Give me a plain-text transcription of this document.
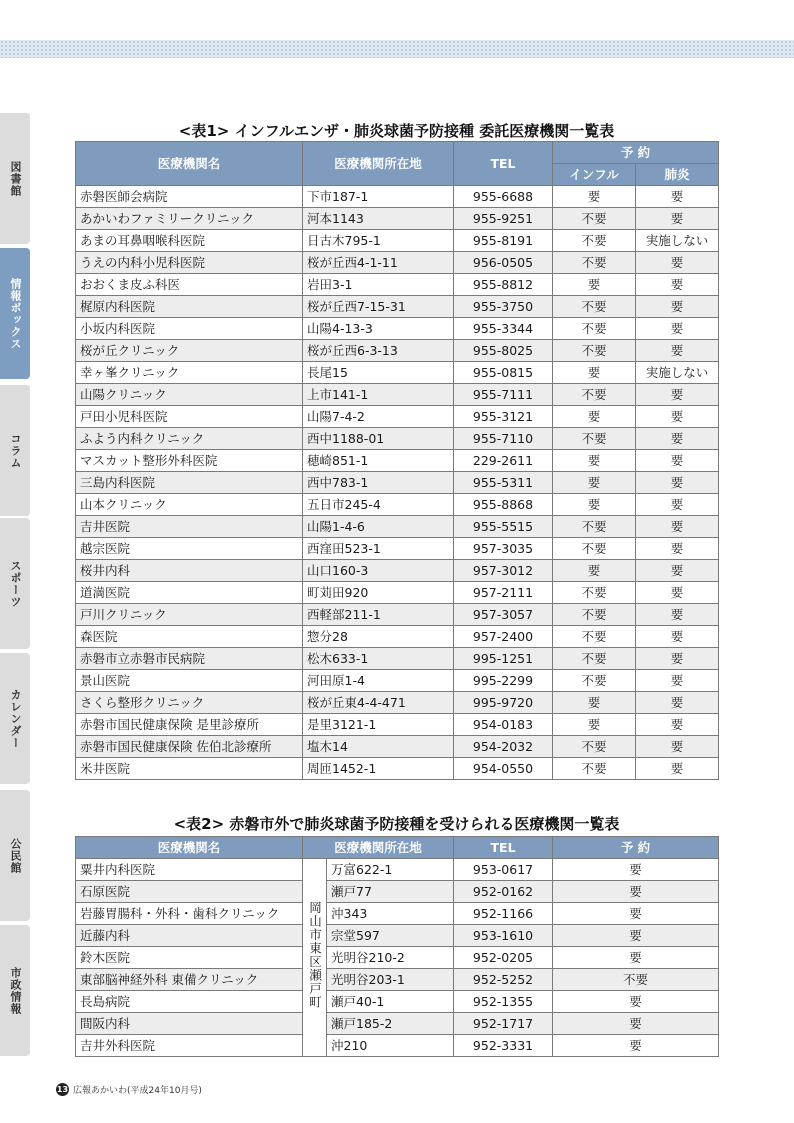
図書館
情報ボックス
コラム
スポーツ
カレンダー
公民館
市政情報
<表1> インフルエンザ・肺炎球菌予防接種 委託医療機関一覧表
医療機関名	医療機関所在地	TEL	予 約	
			インフル	肺炎
赤磐医師会病院	下市187-1	955-6688	要	要
あかいわファミリークリニック	河本1143	955-9251	不要	要
あまの耳鼻咽喉科医院	日古木795-1	955-8191	不要	実施しない
うえの内科小児科医院	桜が丘西4-1-11	956-0505	不要	要
おおくま皮ふ科医	岩田3-1	955-8812	要	要
梶原内科医院	桜が丘西7-15-31	955-3750	不要	要
小坂内科医院	山陽4-13-3	955-3344	不要	要
桜が丘クリニック	桜が丘西6-3-13	955-8025	不要	要
幸ヶ峯クリニック	長尾15	955-0815	要	実施しない
山陽クリニック	上市141-1	955-7111	不要	要
戸田小児科医院	山陽7-4-2	955-3121	要	要
ふよう内科クリニック	西中1188-01	955-7110	不要	要
マスカット整形外科医院	穂崎851-1	229-2611	要	要
三島内科医院	西中783-1	955-5311	要	要
山本クリニック	五日市245-4	955-8868	要	要
吉井医院	山陽1-4-6	955-5515	不要	要
越宗医院	西窪田523-1	957-3035	不要	要
桜井内科	山口160-3	957-3012	要	要
道満医院	町苅田920	957-2111	不要	要
戸川クリニック	西軽部211-1	957-3057	不要	要
森医院	惣分28	957-2400	不要	要
赤磐市立赤磐市民病院	松木633-1	995-1251	不要	要
景山医院	河田原1-4	995-2299	不要	要
さくら整形クリニック	桜が丘東4-4-471	995-9720	要	要
赤磐市国民健康保険 是里診療所	是里3121-1	954-0183	要	要
赤磐市国民健康保険 佐伯北診療所	塩木14	954-2032	不要	要
米井医院	周匝1452-1	954-0550	不要	要
<表2> 赤磐市外で肺炎球菌予防接種を受けられる医療機関一覧表
医療機関名	医療機関所在地		TEL	予 約
粟井内科医院	岡山市東区瀬戸町	万富622-1	953-0617	要
石原医院		瀬戸77	952-0162	要
岩藤胃腸科・外科・歯科クリニック		沖343	952-1166	要
近藤内科		宗堂597	953-1610	要
鈴木医院		光明谷210-2	952-0205	要
東部脳神経外科 東備クリニック		光明谷203-1	952-5252	不要
長島病院		瀬戸40-1	952-1355	要
間阪内科		瀬戸185-2	952-1717	要
吉井外科医院		沖210	952-3331	要
13 広報あかいわ(平成24年10月号)
